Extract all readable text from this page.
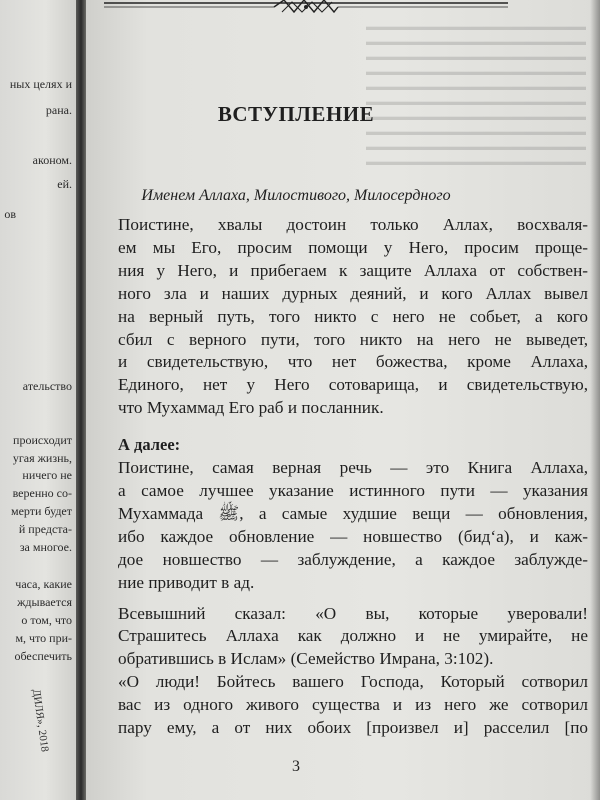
ных целях и
рана.
аконом.
ей.
ов
ательство
происходит
угая жизнь,
ничего не
веренно со-
мерти будет
й предста-
за многое.
часа, какие
ждывается
о том, что
м, что при-
обеспечить
ДИЛЯ», 2018
▬▬▬▬▬▬▬▬▬▬▬▬▬▬▬▬▬▬▬▬
▬▬▬▬▬▬▬▬▬▬▬▬▬▬▬▬▬▬▬▬
▬▬▬▬▬▬▬▬▬▬▬▬▬▬▬▬▬▬▬▬
▬▬▬▬▬▬▬▬▬▬▬▬▬▬▬▬▬▬▬▬
▬▬▬▬▬▬▬▬▬▬▬▬▬▬▬▬▬▬▬▬
▬▬▬▬▬▬▬▬▬▬▬▬▬▬▬▬▬▬▬▬
▬▬▬▬▬▬▬▬▬▬▬▬▬▬▬▬▬▬▬▬
▬▬▬▬▬▬▬▬▬▬▬▬▬▬▬▬▬▬▬▬
▬▬▬▬▬▬▬▬▬▬▬▬▬▬▬▬▬▬▬▬
▬▬▬▬▬▬▬▬▬▬▬▬▬▬▬▬▬▬▬▬
ВСТУПЛЕНИЕ
Именем Аллаха, Милостивого, Милосердного
Поистине, хвалы достоин только Аллах, восхваля-
ем мы Его, просим помощи у Него, просим проще-
ния у Него, и прибегаем к защите Аллаха от собствен-
ного зла и наших дурных деяний, и кого Аллах вывел
на верный путь, того никто с него не собьет, а кого
сбил с верного пути, того никто на него не выведет,
и свидетельствую, что нет божества, кроме Аллаха,
Единого, нет у Него сотоварища, и свидетельствую,
что Мухаммад Его раб и посланник.
А далее:
Поистине, самая верная речь — это Книга Аллаха,
а самое лучшее указание истинного пути — указания
Мухаммада ﷺ, а самые худшие вещи — обновления,
ибо каждое обновление — новшество (бид‘а), и каж-
дое новшество — заблуждение, а каждое заблужде-
ние приводит в ад.
Всевышний сказал: «О вы, которые уверовали!
Страшитесь Аллаха как должно и не умирайте, не
обратившись в Ислам» (Семейство Имрана, 3:102).
«О люди! Бойтесь вашего Господа, Который сотворил
вас из одного живого существа и из него же сотворил
пару ему, а от них обоих [произвел и] расселил [по
3
